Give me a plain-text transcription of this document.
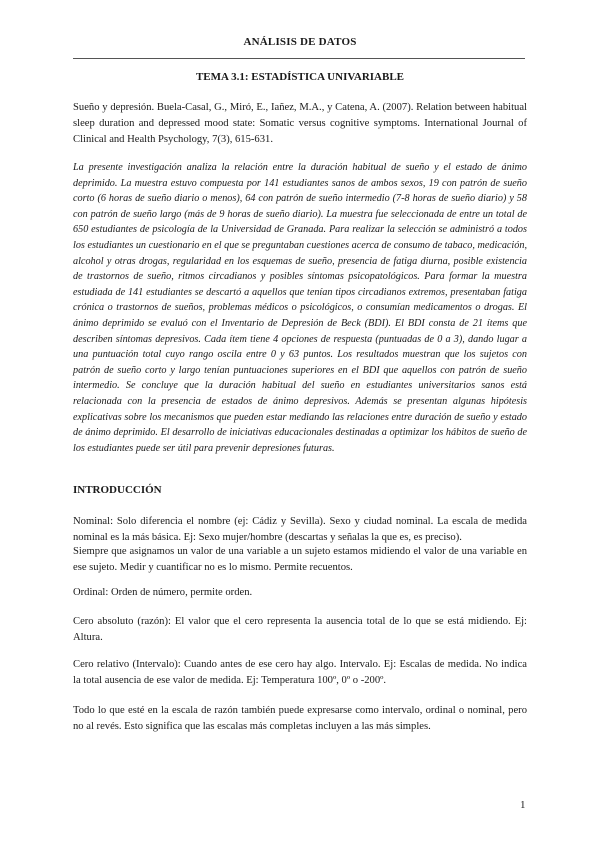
ANÁLISIS DE DATOS
TEMA 3.1: ESTADÍSTICA UNIVARIABLE
Sueño y depresión. Buela-Casal, G., Miró, E., Iañez, M.A., y Catena, A. (2007). Relation between habitual sleep duration and depressed mood state: Somatic versus cognitive symptoms. International Journal of Clinical and Health Psychology, 7(3), 615-631.
La presente investigación analiza la relación entre la duración habitual de sueño y el estado de ánimo deprimido. La muestra estuvo compuesta por 141 estudiantes sanos de ambos sexos, 19 con patrón de sueño corto (6 horas de sueño diario o menos), 64 con patrón de sueño intermedio (7-8 horas de sueño diario) y 58 con patrón de sueño largo (más de 9 horas de sueño diario). La muestra fue seleccionada de entre un total de 650 estudiantes de psicología de la Universidad de Granada. Para realizar la selección se administró a todos los estudiantes un cuestionario en el que se preguntaban cuestiones acerca de consumo de tabaco, medicación, alcohol y otras drogas, regularidad en los esquemas de sueño, presencia de fatiga diurna, posible existencia de trastornos de sueño, ritmos circadianos y posibles síntomas psicopatológicos. Para formar la muestra estudiada de 141 estudiantes se descartó a aquellos que tenían tipos circadianos extremos, presentaban fatiga crónica o trastornos de sueños, problemas médicos o psicológicos, o consumían medicamentos o drogas. El ánimo deprimido se evaluó con el Inventario de Depresión de Beck (BDI). El BDI consta de 21 ítems que describen síntomas depresivos. Cada ítem tiene 4 opciones de respuesta (puntuadas de 0 a 3), dando lugar a una puntuación total cuyo rango oscila entre 0 y 63 puntos. Los resultados muestran que los sujetos con patrón de sueño corto y largo tenían puntuaciones superiores en el BDI que aquellos con patrón de sueño intermedio. Se concluye que la duración habitual del sueño en estudiantes universitarios sanos está relacionada con la presencia de estados de ánimo depresivos. Además se presentan algunas hipótesis explicativas sobre los mecanismos que pueden estar mediando las relaciones entre duración de sueño y estado de ánimo deprimido. El desarrollo de iniciativas educacionales destinadas a optimizar los hábitos de sueño de los estudiantes puede ser útil para prevenir depresiones futuras.
INTRODUCCIÓN
Nominal: Solo diferencia el nombre (ej: Cádiz y Sevilla). Sexo y ciudad nominal. La escala de medida nominal es la más básica. Ej: Sexo mujer/hombre (descartas y señalas la que es, es preciso).
Siempre que asignamos un valor de una variable a un sujeto estamos midiendo el valor de una variable en ese sujeto. Medir y cuantificar no es lo mismo. Permite recuentos.
Ordinal: Orden de número, permite orden.
Cero absoluto (razón): El valor que el cero representa la ausencia total de lo que se está midiendo. Ej: Altura.
Cero relativo (Intervalo): Cuando antes de ese cero hay algo. Intervalo. Ej: Escalas de medida. No indica la total ausencia de ese valor de medida. Ej: Temperatura 100º, 0º o -200º.
Todo lo que esté en la escala de razón también puede expresarse como intervalo, ordinal o nominal, pero no al revés. Esto significa que las escalas más completas incluyen a las más simples.
1
